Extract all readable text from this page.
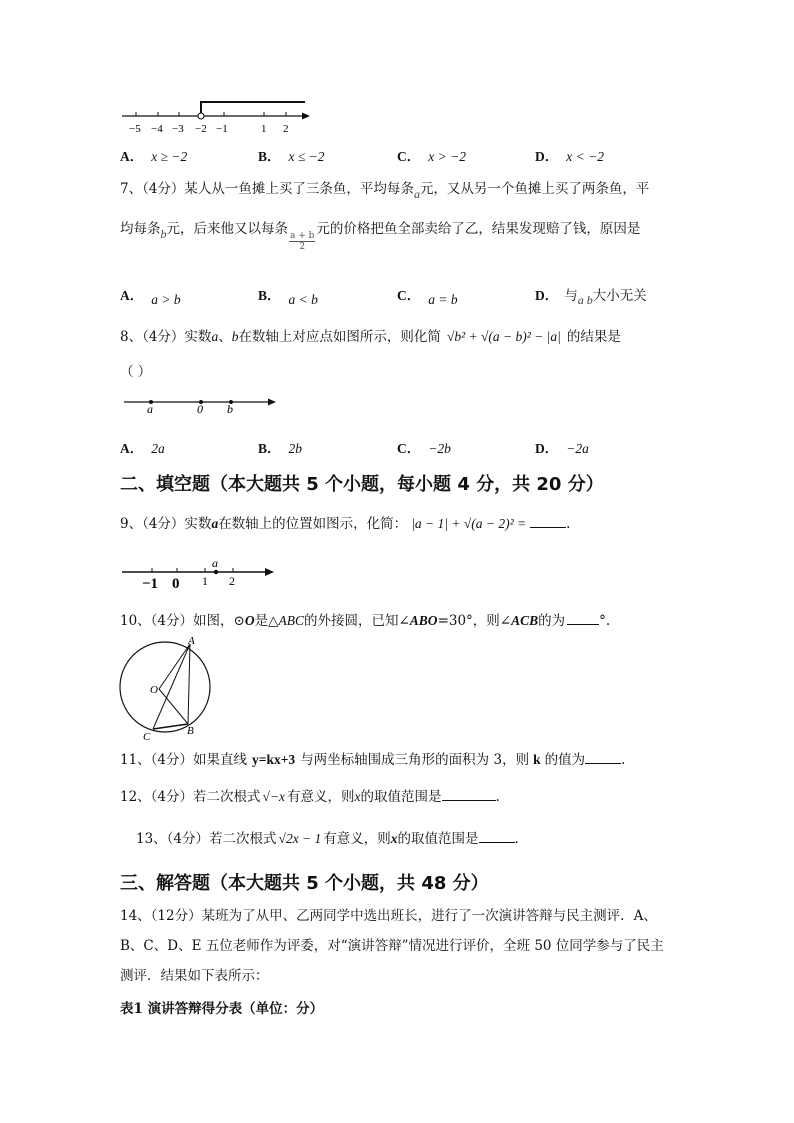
−5 −4 −3 −2 −1	1 2
A． x ≥ −2	B． x ≤ −2	C． x > −2	D． x < −2
7、（4分）某人从一鱼摊上买了三条鱼，平均每条a元，又从另一个鱼摊上买了两条鱼，平
均每条b元，后来他又以每条
$\frac{a + b}{2}$
元的价格把鱼全部卖给了乙，结果发现赔了钱，原因是
A． a > b	B． a < b	C． a = b	D． 与a b大小无关
8、（4分）实数a、b在数轴上对应点如图所示，则化简 √b² + √(a − b)² − |a| 的结果是
（ ）
a	0 b
A． 2a	B． 2b	C． −2b	D． −2a
二、填空题（本大题共 5 个小题，每小题 4 分，共 20 分）
9、（4分）实数a在数轴上的位置如图示，化简： |a − 1| + √(a − 2)² =	.
a
−1 0 1 2
10、（4分）如图，⊙O是△ABC的外接圆，已知∠ABO=30°，则∠ACB的为	°.
A
O
B
C
11、（4分）如果直线 y=kx+3 与两坐标轴围成三角形的面积为 3，则 k 的值为	.
12、（4分）若二次根式 √−x 有意义，则x的取值范围是	.
13、（4分）若二次根式 √2x − 1 有意义，则x的取值范围是	.
三、解答题（本大题共 5 个小题，共 48 分）
14、（12分）某班为了从甲、乙两同学中选出班长，进行了一次演讲答辩与民主测评．A、
B、C、D、E 五位老师作为评委，对“演讲答辩”情况进行评价，全班 50 位同学参与了民主
测评．结果如下表所示：
表1 演讲答辩得分表（单位：分）
